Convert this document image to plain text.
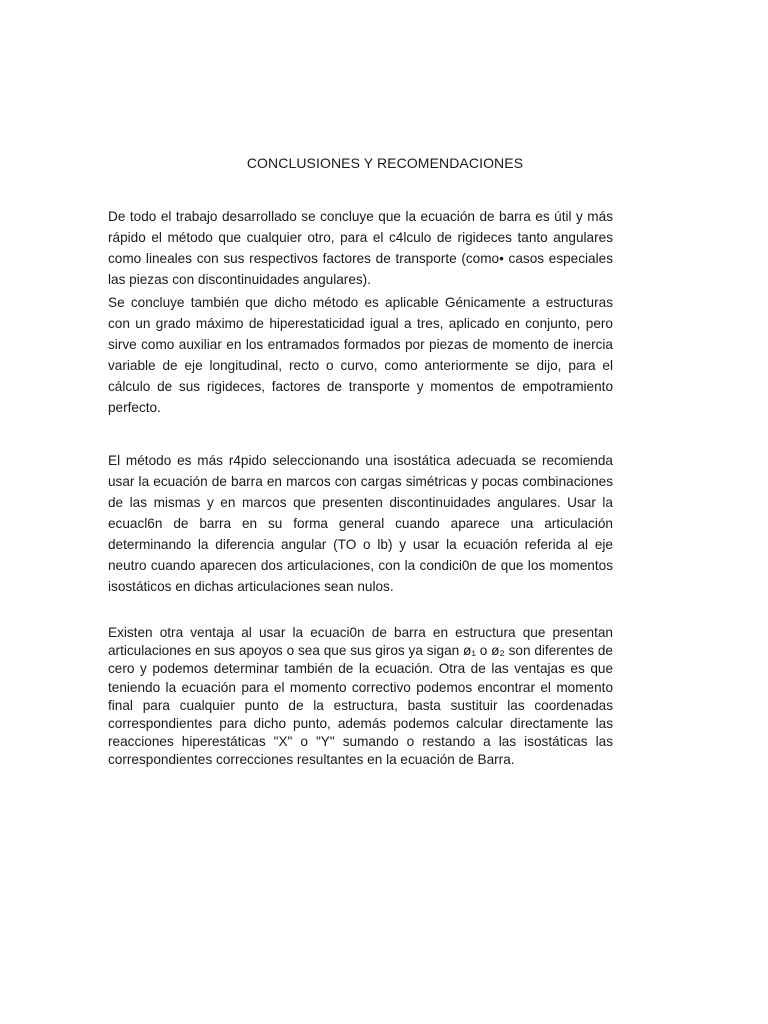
CONCLUSIONES Y RECOMENDACIONES

De todo el trabajo desarrollado se concluye que la ecuación de barra es útil y más rápido el método que cualquier otro, para el c4lculo de rigideces tanto angulares como lineales con sus respectivos factores de transporte (como• casos especiales las piezas con discontinuidades angulares).

Se concluye también que dicho método es aplicable Génicamente a estructuras con un grado máximo de hiperestaticidad igual a tres, aplicado en conjunto, pero sirve como auxiliar en los entramados formados por piezas de momento de inercia variable de eje longitudinal, recto o curvo, como anteriormente se dijo, para el cálculo de sus rigideces, factores de transporte y momentos de empotramiento perfecto.

El método es más r4pido seleccionando una isostática adecuada se recomienda usar la ecuación de barra en marcos con cargas simétricas y pocas combinaciones de las mismas y en marcos que presenten discontinuidades angulares. Usar la ecuacl6n de barra en su forma general cuando aparece una articulación determinando la diferencia angular (TO o lb) y usar la ecuación referida al eje neutro cuando aparecen dos articulaciones, con la condici0n de que los momentos isostáticos en dichas articulaciones sean nulos.

Existen otra ventaja al usar la ecuaci0n de barra en estructura que presentan articulaciones en sus apoyos o sea que sus giros ya sigan ø₁ o ø₂ son diferentes de cero y podemos determinar también de la ecuación. Otra de las ventajas es que teniendo la ecuación para el momento correctivo podemos encontrar el momento final para cualquier punto de la estructura, basta sustituir las coordenadas correspondientes para dicho punto, además podemos calcular directamente las reacciones hiperestáticas "X" o "Y" sumando o restando a las isostáticas las correspondientes correcciones resultantes en la ecuación de Barra.
